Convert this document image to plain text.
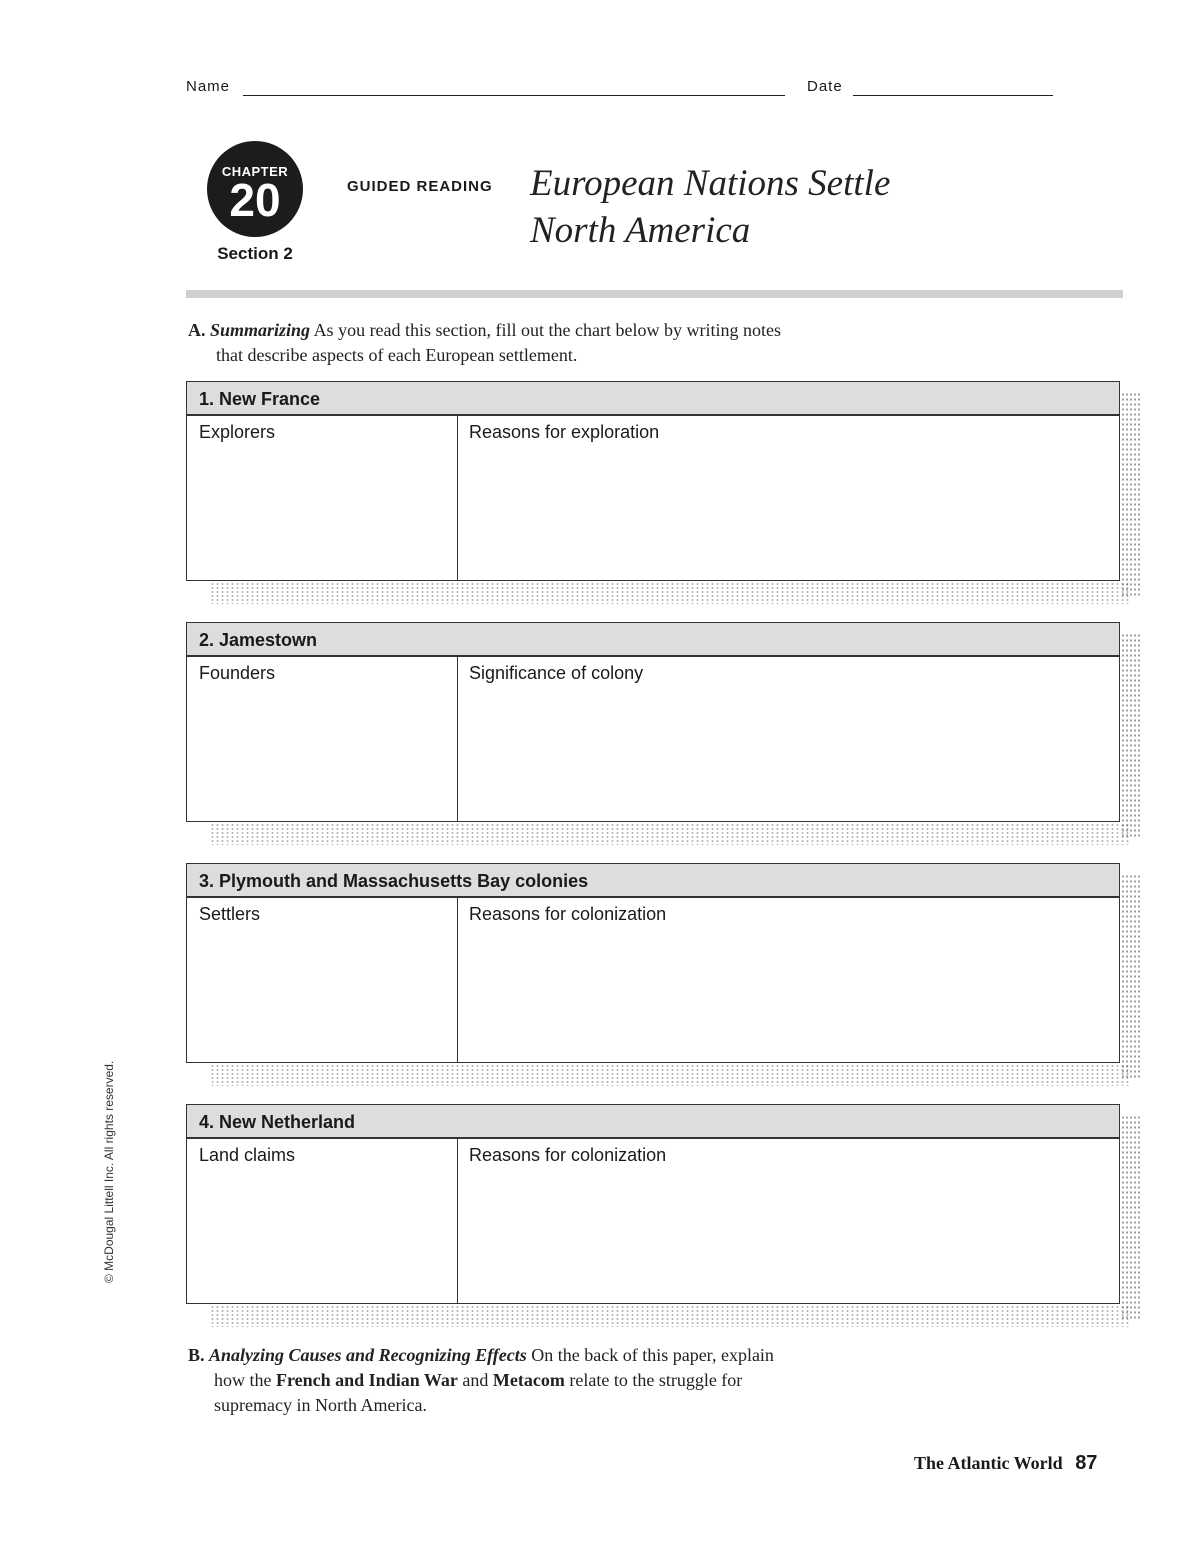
Name	Date
CHAPTER
20
Section 2
GUIDED READING European Nations Settle
North America
A. Summarizing As you read this section, fill out the chart below by writing notes
that describe aspects of each European settlement.
1. New France
Explorers	Reasons for exploration
2. Jamestown
Founders	Significance of colony
3. Plymouth and Massachusetts Bay colonies
Settlers	Reasons for colonization
4. New Netherland
Land claims	Reasons for colonization
B. Analyzing Causes and Recognizing Effects On the back of this paper, explain
how the French and Indian War and Metacom relate to the struggle for
supremacy in North America.
© McDougal Littell Inc. All rights reserved.
The Atlantic World 87
